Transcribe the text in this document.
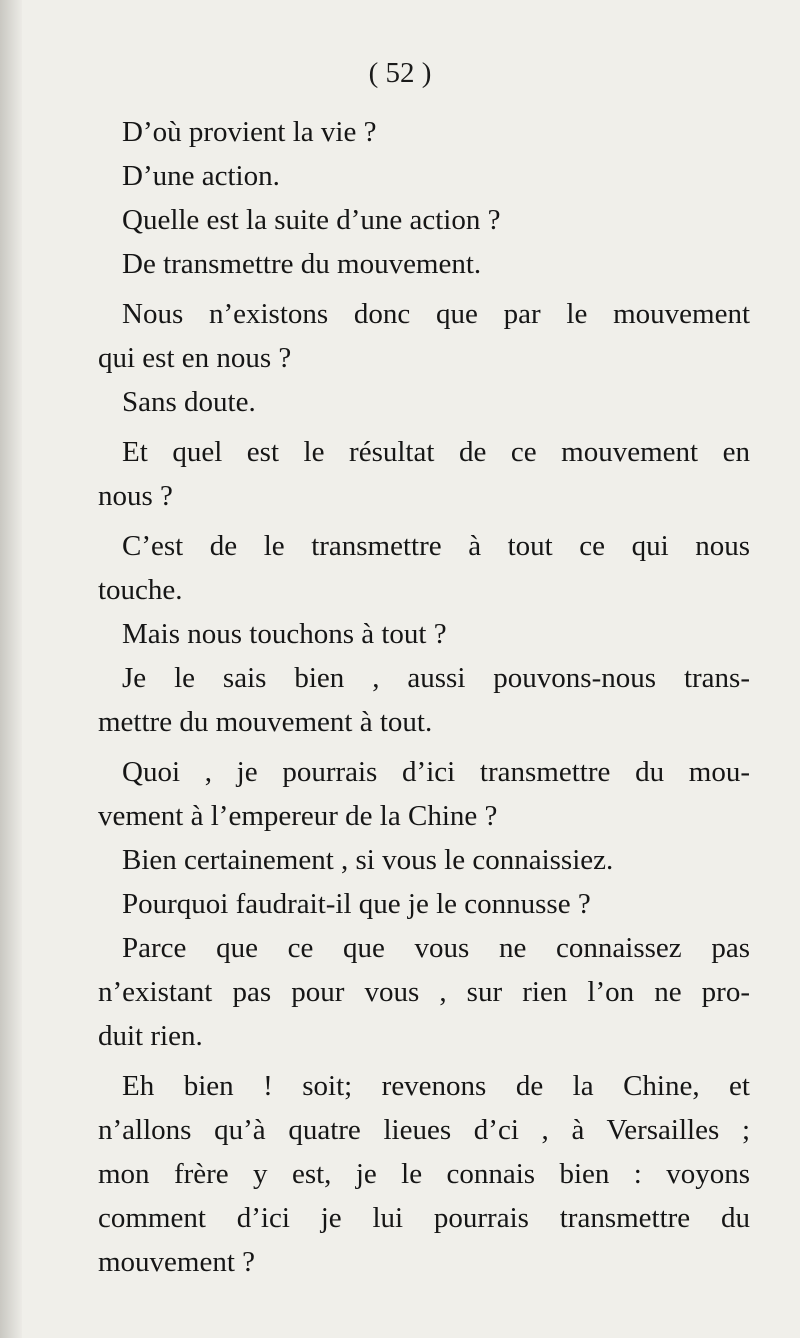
( 52 )
D’où provient la vie ?
D’une action.
Quelle est la suite d’une action ?
De transmettre du mouvement.
Nous n’existons donc que par le mouvement
qui est en nous ?
Sans doute.
Et quel est le résultat de ce mouvement en
nous ?
C’est de le transmettre à tout ce qui nous
touche.
Mais nous touchons à tout ?
Je le sais bien , aussi pouvons-nous trans-
mettre du mouvement à tout.
Quoi , je pourrais d’ici transmettre du mou-
vement à l’empereur de la Chine ?
Bien certainement , si vous le connaissiez.
Pourquoi faudrait-il que je le connusse ?
Parce que ce que vous ne connaissez pas
n’existant pas pour vous , sur rien l’on ne pro-
duit rien.
Eh bien ! soit; revenons de la Chine, et
n’allons qu’à quatre lieues d’ci , à Versailles ;
mon frère y est, je le connais bien : voyons
comment d’ici je lui pourrais transmettre du
mouvement ?
